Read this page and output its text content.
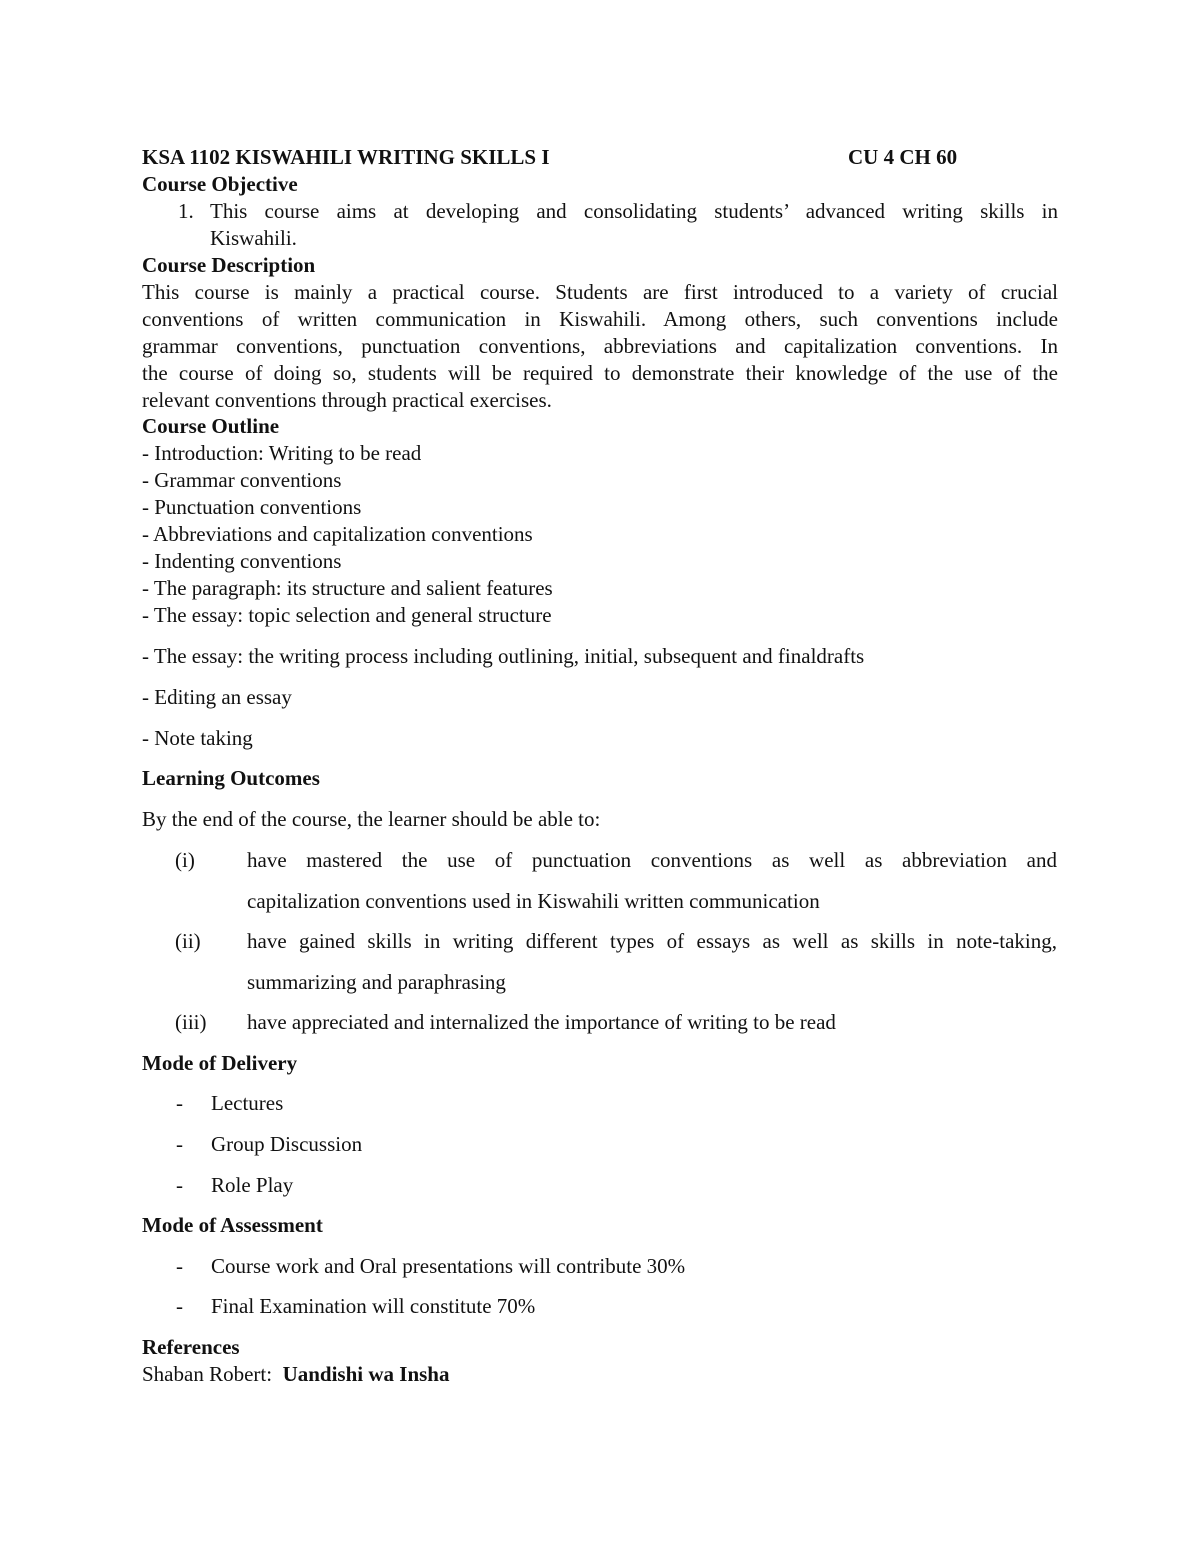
KSA 1102 KISWAHILI WRITING SKILLS I	CU 4 CH 60
Course Objective
1. This course aims at developing and consolidating students’ advanced writing skills in
Kiswahili.
Course Description
This course is mainly a practical course. Students are first introduced to a variety of crucial
conventions of written communication in Kiswahili. Among others, such conventions include
grammar conventions, punctuation conventions, abbreviations and capitalization conventions. In
the course of doing so, students will be required to demonstrate their knowledge of the use of the
relevant conventions through practical exercises.
Course Outline
- Introduction: Writing to be read
- Grammar conventions
- Punctuation conventions
- Abbreviations and capitalization conventions
- Indenting conventions
- The paragraph: its structure and salient features
- The essay: topic selection and general structure
- The essay: the writing process including outlining, initial, subsequent and finaldrafts
- Editing an essay
- Note taking
Learning Outcomes
By the end of the course, the learner should be able to:
(i) have mastered the use of punctuation conventions as well as abbreviation and
capitalization conventions used in Kiswahili written communication
(ii) have gained skills in writing different types of essays as well as skills in note-taking,
summarizing and paraphrasing
(iii) have appreciated and internalized the importance of writing to be read
Mode of Delivery
- Lectures
- Group Discussion
- Role Play
Mode of Assessment
- Course work and Oral presentations will contribute 30%
- Final Examination will constitute 70%
References
Shaban Robert: Uandishi wa Insha
